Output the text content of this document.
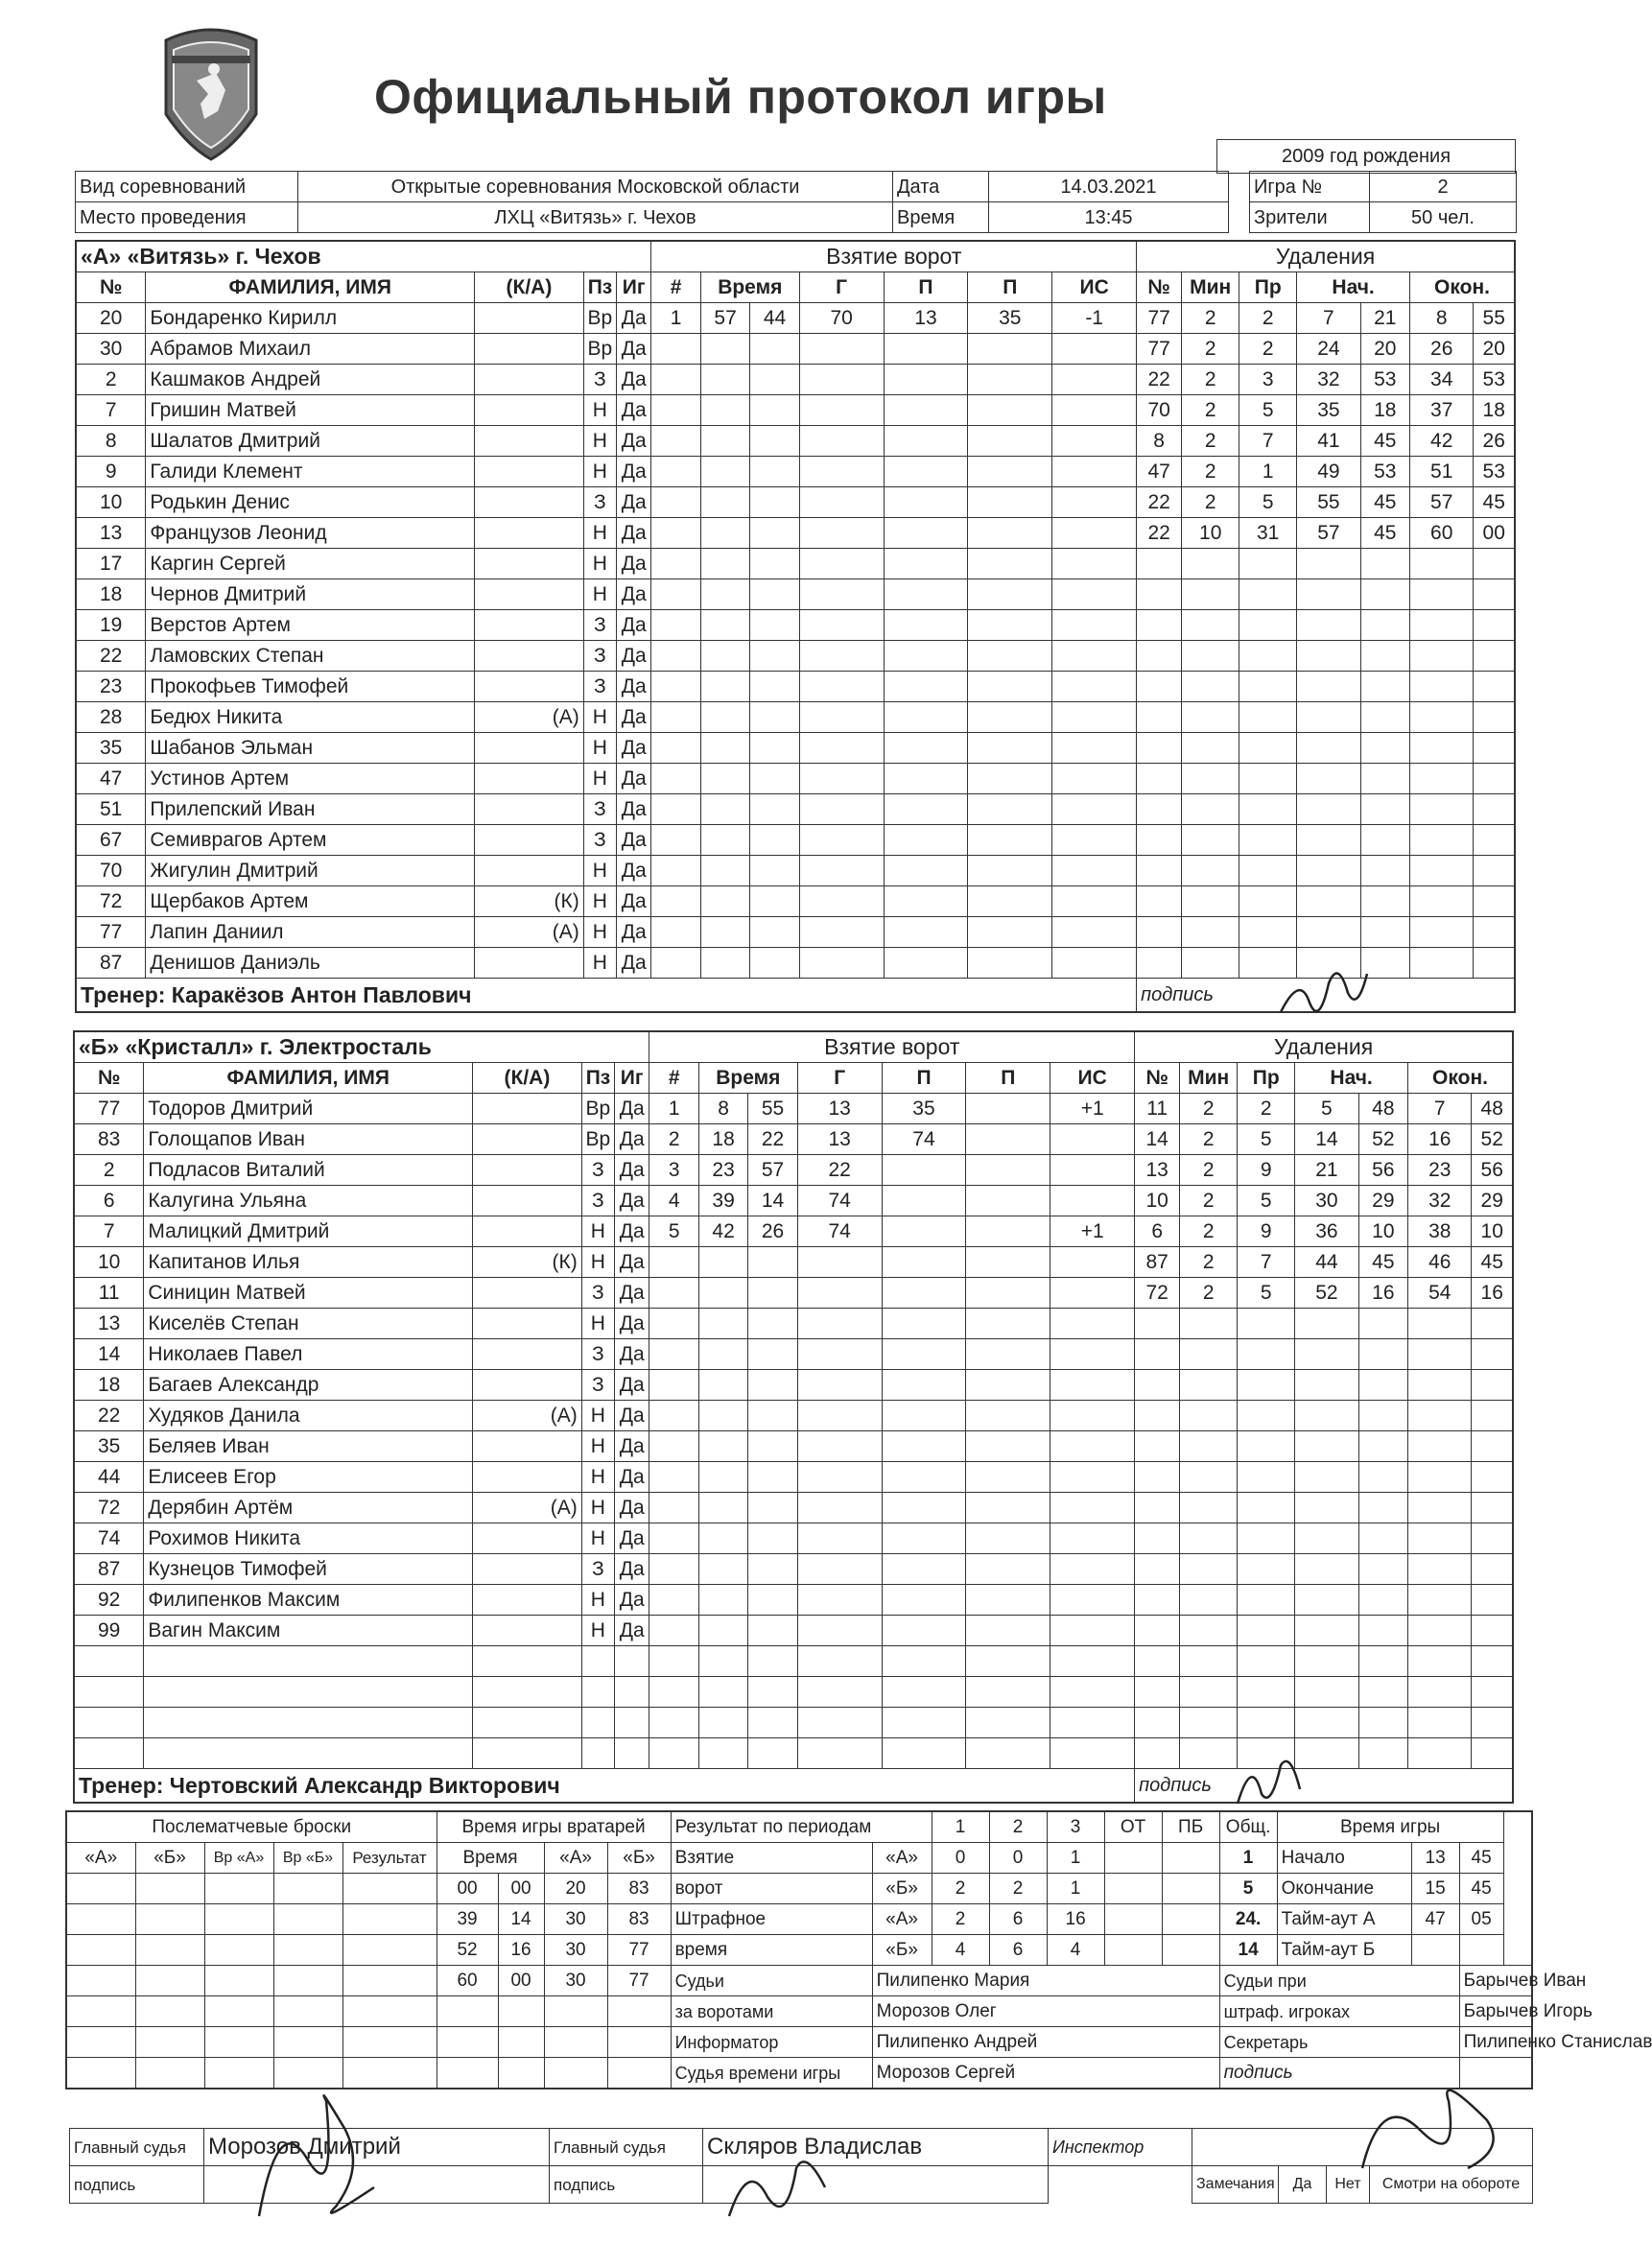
Официальный протокол игры
2009 год рождения
Вид соревнований	Открытые соревнования Московской области	Дата	14.03.2021		Игра №	2
Место проведения	ЛХЦ «Витязь» г. Чехов	Время	13:45		Зрители	50 чел.
«А» «Витязь» г. Чехов					Взятие ворот							Удаления						
№	ФАМИЛИЯ, ИМЯ	(К/А)	Пз	Иг	#	Время		Г	П	П	ИС	№	Мин	Пр	Нач.		Окон.	
20	Бондаренко Кирилл		Вр	Да	1	57	44	70	13	35	-1	77	2	2	7	21	8	55
30	Абрамов Михаил		Вр	Да								77	2	2	24	20	26	20
2	Кашмаков Андрей		З	Да								22	2	3	32	53	34	53
7	Гришин Матвей		Н	Да								70	2	5	35	18	37	18
8	Шалатов Дмитрий		Н	Да								8	2	7	41	45	42	26
9	Галиди Клемент		Н	Да								47	2	1	49	53	51	53
10	Родькин Денис		З	Да								22	2	5	55	45	57	45
13	Французов Леонид		Н	Да								22	10	31	57	45	60	00
17	Каргин Сергей		Н	Да														
18	Чернов Дмитрий		Н	Да														
19	Верстов Артем		З	Да														
22	Ламовских Степан		З	Да														
23	Прокофьев Тимофей		З	Да														
28	Бедюх Никита	(А)	Н	Да														
35	Шабанов Эльман		Н	Да														
47	Устинов Артем		Н	Да														
51	Прилепский Иван		З	Да														
67	Семиврагов Артем		З	Да														
70	Жигулин Дмитрий		Н	Да														
72	Щербаков Артем	(К)	Н	Да														
77	Лапин Даниил	(А)	Н	Да														
87	Денишов Даниэль		Н	Да														
Тренер: Каракёзов Антон Павлович												подпись						
«Б» «Кристалл» г. Электросталь					Взятие ворот							Удаления						
№	ФАМИЛИЯ, ИМЯ	(К/А)	Пз	Иг	#	Время		Г	П	П	ИС	№	Мин	Пр	Нач.		Окон.	
77	Тодоров Дмитрий		Вр	Да	1	8	55	13	35		+1	11	2	2	5	48	7	48
83	Голощапов Иван		Вр	Да	2	18	22	13	74			14	2	5	14	52	16	52
2	Подласов Виталий		З	Да	3	23	57	22				13	2	9	21	56	23	56
6	Калугина Ульяна		З	Да	4	39	14	74				10	2	5	30	29	32	29
7	Малицкий Дмитрий		Н	Да	5	42	26	74			+1	6	2	9	36	10	38	10
10	Капитанов Илья	(К)	Н	Да								87	2	7	44	45	46	45
11	Синицин Матвей		З	Да								72	2	5	52	16	54	16
13	Киселёв Степан		Н	Да														
14	Николаев Павел		З	Да														
18	Багаев Александр		З	Да														
22	Худяков Данила	(А)	Н	Да														
35	Беляев Иван		Н	Да														
44	Елисеев Егор		Н	Да														
72	Дерябин Артём	(А)	Н	Да														
74	Рохимов Никита		Н	Да														
87	Кузнецов Тимофей		З	Да														
92	Филипенков Максим		Н	Да														
99	Вагин Максим		Н	Да														

Тренер: Чертовский Александр Викторович												подпись						
Послематчевые броски					Время игры вратарей				Результат по периодам		1	2	3	ОТ	ПБ	Общ.	Время игры		
«А»	«Б»	Вр «А»	Вр «Б»	Результат	Время		«А»	«Б»	Взятие	«А»	0	0	1			1	Начало	13	45
					00	00	20	83	ворот	«Б»	2	2	1			5	Окончание	15	45
					39	14	30	83	Штрафное	«А»	2	6	16			24.	Тайм-аут А	47	05
					52	16	30	77	время	«Б»	4	6	4			14	Тайм-аут Б		
					60	00	30	77	Судьи	Пилипенко Мария						Судьи при			Барычев Иван
									за воротами	Морозов Олег						штраф. игроках			Барычев Игорь
									Информатор	Пилипенко Андрей						Секретарь			Пилипенко Станислав
									Судья времени игры	Морозов Сергей						подпись			
Главный судья	Морозов Дмитрий	Главный судья	Скляров Владислав	Инспектор				
подпись		подпись			Замечания	Да	Нет	Смотри на обороте
